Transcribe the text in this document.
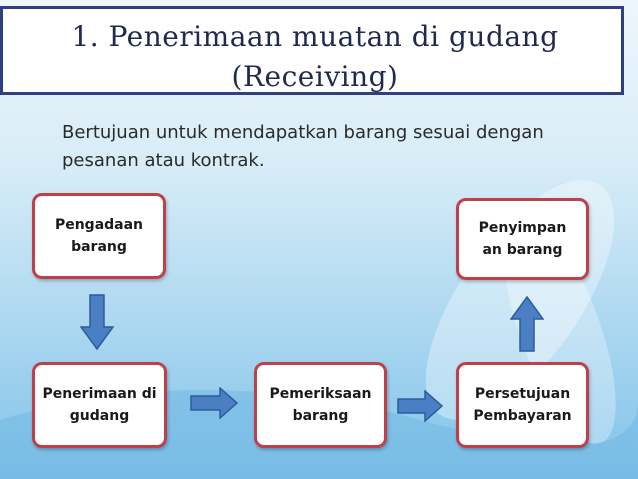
1. Penerimaan muatan di gudang
(Receiving)
Bertujuan untuk mendapatkan barang sesuai dengan
pesanan atau kontrak.
Pengadaan
barang
Penyimpan
an barang
Penerimaan di
gudang
Pemeriksaan
barang
Persetujuan
Pembayaran
